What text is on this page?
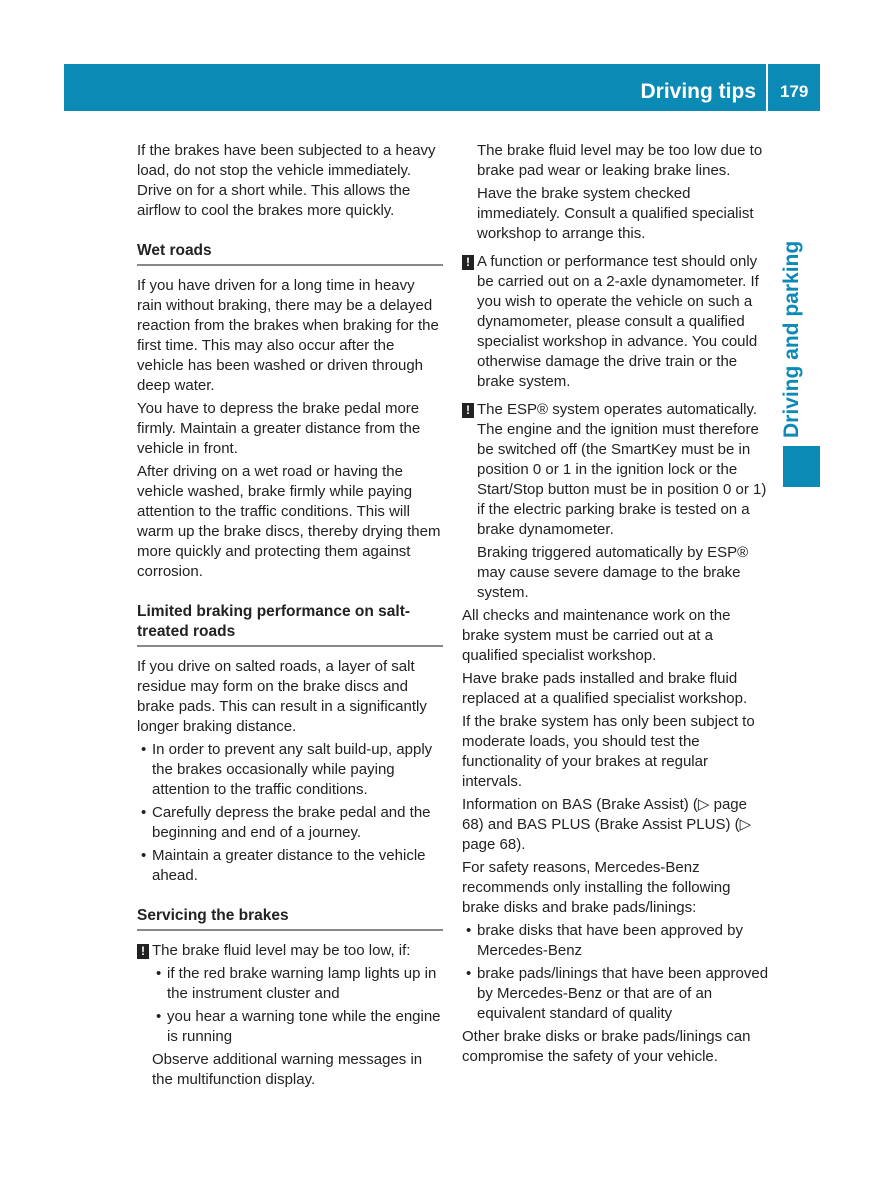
Driving tips 179
Driving and parking

If the brakes have been subjected to a heavy load, do not stop the vehicle immediately. Drive on for a short while. This allows the airflow to cool the brakes more quickly.

Wet roads

If you have driven for a long time in heavy rain without braking, there may be a delayed reaction from the brakes when braking for the first time. This may also occur after the vehicle has been washed or driven through deep water.

You have to depress the brake pedal more firmly. Maintain a greater distance from the vehicle in front.

After driving on a wet road or having the vehicle washed, brake firmly while paying attention to the traffic conditions. This will warm up the brake discs, thereby drying them more quickly and protecting them against corrosion.

Limited braking performance on salt-treated roads

If you drive on salted roads, a layer of salt residue may form on the brake discs and brake pads. This can result in a significantly longer braking distance.

• In order to prevent any salt build-up, apply the brakes occasionally while paying attention to the traffic conditions.
• Carefully depress the brake pedal and the beginning and end of a journey.
• Maintain a greater distance to the vehicle ahead.
Servicing the brakes
! The brake fluid level may be too low, if:
• if the red brake warning lamp lights up in the instrument cluster and
• you hear a warning tone while the engine is running

Observe additional warning messages in the multifunction display.

The brake fluid level may be too low due to brake pad wear or leaking brake lines.

Have the brake system checked immediately. Consult a qualified specialist workshop to arrange this.

! A function or performance test should only be carried out on a 2-axle dynamometer. If you wish to operate the vehicle on such a dynamometer, please consult a qualified specialist workshop in advance. You could otherwise damage the drive train or the brake system.
! The ESP® system operates automatically. The engine and the ignition must therefore be switched off (the SmartKey must be in position 0 or 1 in the ignition lock or the Start/Stop button must be in position 0 or 1) if the electric parking brake is tested on a brake dynamometer.

Braking triggered automatically by ESP® may cause severe damage to the brake system.

All checks and maintenance work on the brake system must be carried out at a qualified specialist workshop.

Have brake pads installed and brake fluid replaced at a qualified specialist workshop.

If the brake system has only been subject to moderate loads, you should test the functionality of your brakes at regular intervals.

Information on BAS (Brake Assist) (▷ page 68) and BAS PLUS (Brake Assist PLUS) (▷ page 68).

For safety reasons, Mercedes-Benz recommends only installing the following brake disks and brake pads/linings:

• brake disks that have been approved by Mercedes-Benz
• brake pads/linings that have been approved by Mercedes-Benz or that are of an equivalent standard of quality

Other brake disks or brake pads/linings can compromise the safety of your vehicle.
